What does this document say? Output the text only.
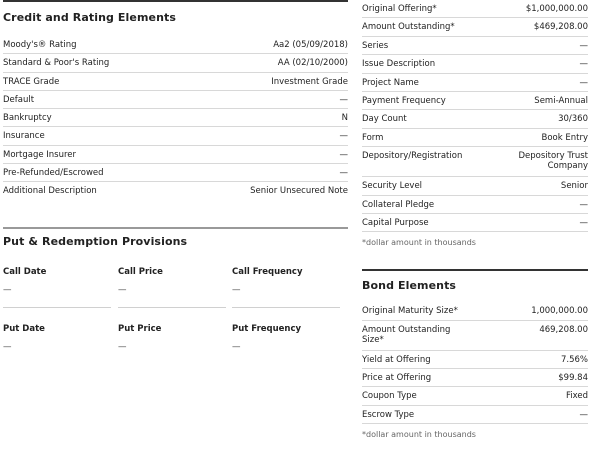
Credit and Rating Elements
Moody's® Rating	Aa2 (05/09/2018)
Standard & Poor's Rating	AA (02/10/2000)
TRACE Grade	Investment Grade
Default	—
Bankruptcy	N
Insurance	—
Mortgage Insurer	—
Pre-Refunded/Escrowed	—
Additional Description	Senior Unsecured Note
Put & Redemption Provisions
Call Date
—
Call Price
—
Call Frequency
—
Put Date
—
Put Price
—
Put Frequency
—
Original Offering*	$1,000,000.00
Amount Outstanding*	$469,208.00
Series	—
Issue Description	—
Project Name	—
Payment Frequency	Semi-Annual
Day Count	30/360
Form	Book Entry
Depository/Registration	Depository Trust Company
Security Level	Senior
Collateral Pledge	—
Capital Purpose	—
*dollar amount in thousands
Bond Elements
Original Maturity Size*	1,000,000.00
Amount Outstanding Size*
469,208.00
Yield at Offering	7.56%
Price at Offering	$99.84
Coupon Type	Fixed
Escrow Type	—
*dollar amount in thousands
